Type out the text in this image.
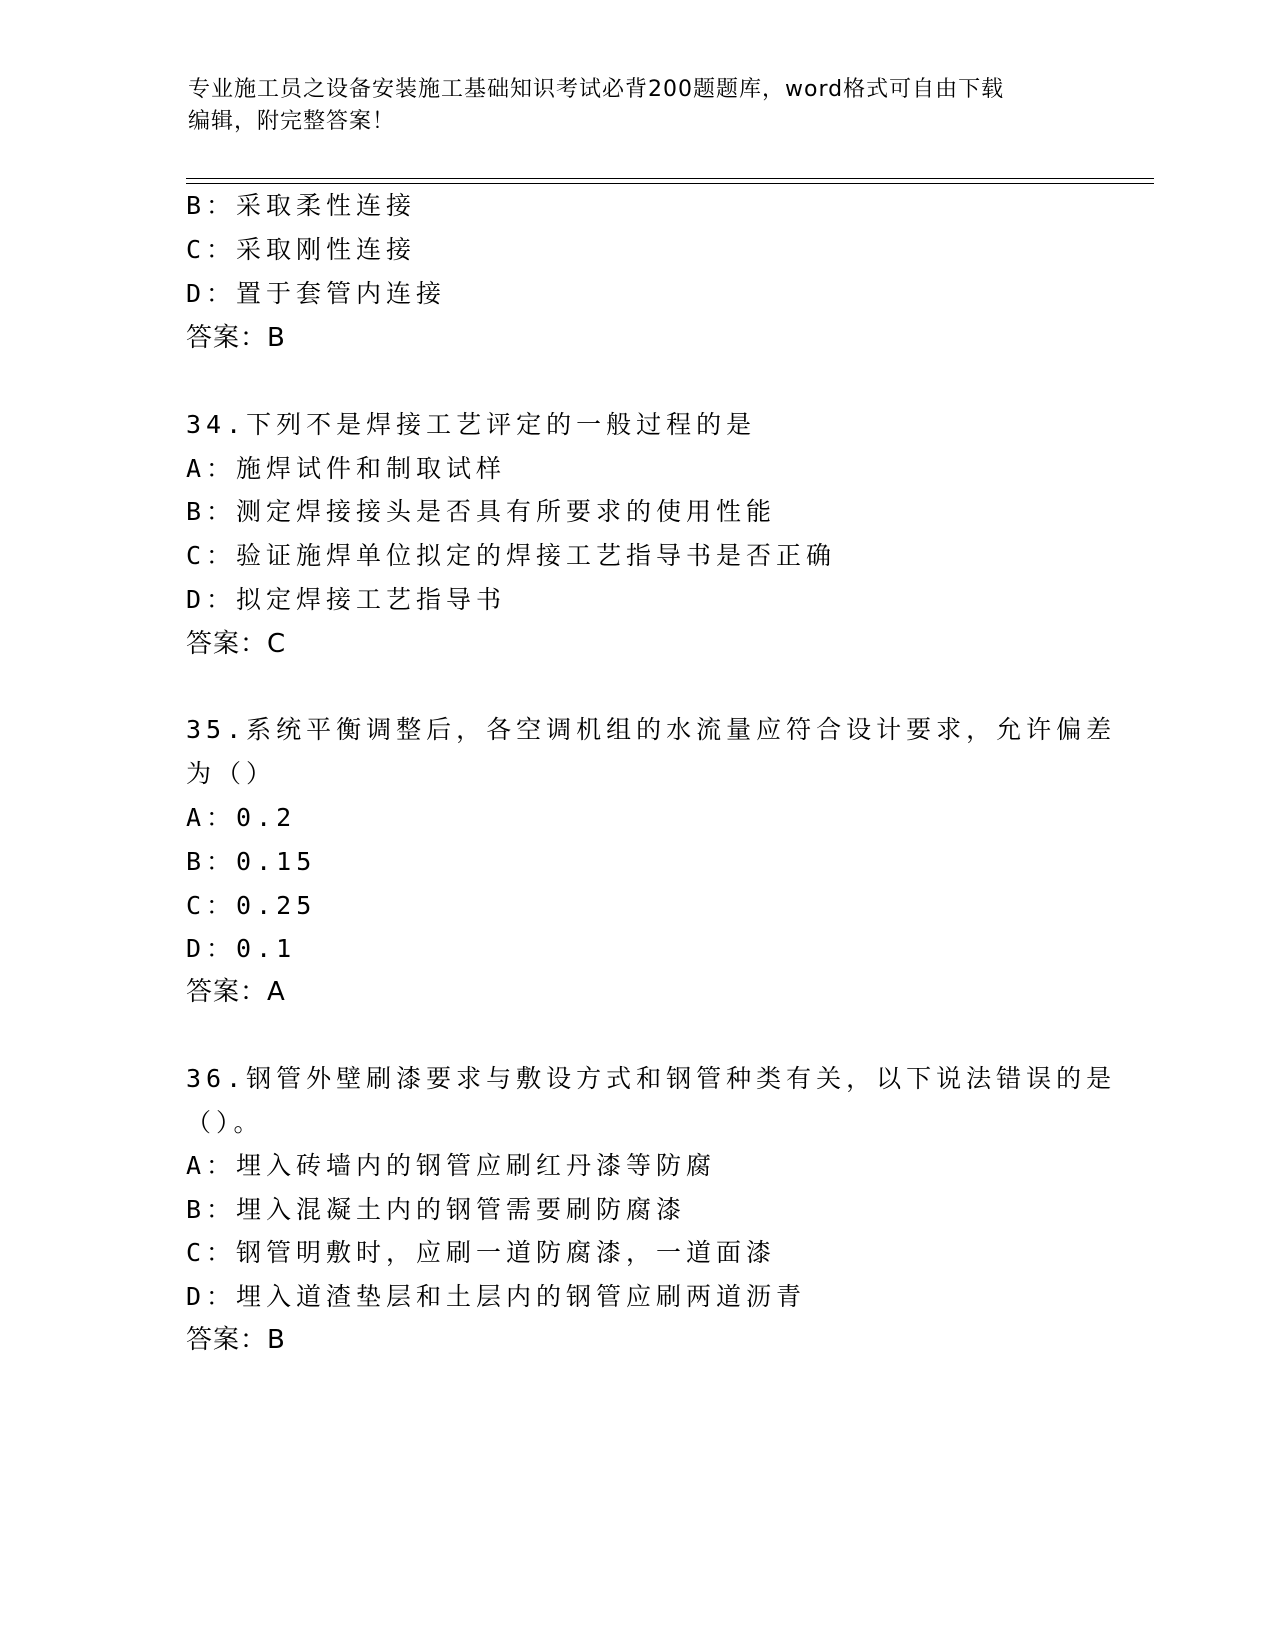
专业施工员之设备安装施工基础知识考试必背200题题库，word格式可自由下载
编辑，附完整答案！
B：采取柔性连接
C：采取刚性连接
D：置于套管内连接
答案：B
34.下列不是焊接工艺评定的一般过程的是
A：施焊试件和制取试样
B：测定焊接接头是否具有所要求的使用性能
C：验证施焊单位拟定的焊接工艺指导书是否正确
D：拟定焊接工艺指导书
答案：C
35.系统平衡调整后，各空调机组的水流量应符合设计要求，允许偏差
为（）
A：0.2
B：0.15
C：0.25
D：0.1
答案：A
36.钢管外壁刷漆要求与敷设方式和钢管种类有关，以下说法错误的是
（）。
A：埋入砖墙内的钢管应刷红丹漆等防腐
B：埋入混凝土内的钢管需要刷防腐漆
C：钢管明敷时，应刷一道防腐漆，一道面漆
D：埋入道渣垫层和土层内的钢管应刷两道沥青
答案：B
